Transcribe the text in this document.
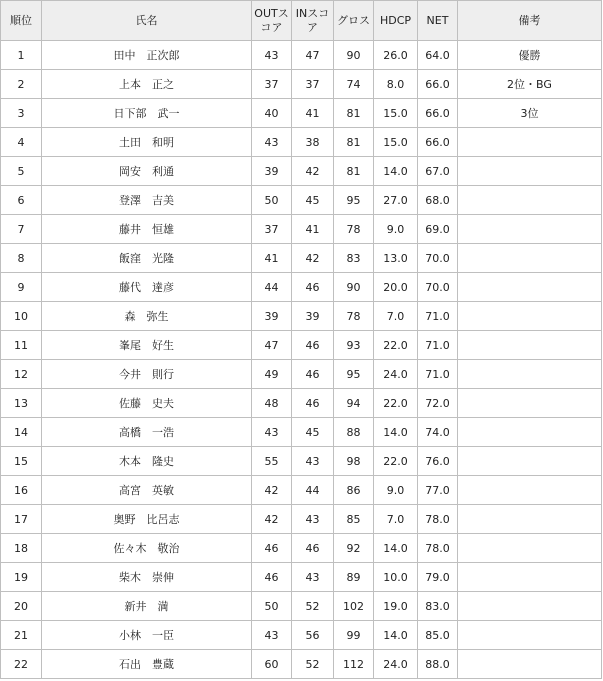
順位	氏名	OUTスコア	INスコア	グロス	HDCP	NET	備考
1	田中　正次郎	43	47	90	26.0	64.0	優勝
2	上本　正之	37	37	74	8.0	66.0	2位・BG
3	日下部　武一	40	41	81	15.0	66.0	3位
4	土田　和明	43	38	81	15.0	66.0	
5	岡安　利通	39	42	81	14.0	67.0	
6	登澤　吉美	50	45	95	27.0	68.0	
7	藤井　恒雄	37	41	78	9.0	69.0	
8	飯窪　光隆	41	42	83	13.0	70.0	
9	藤代　達彦	44	46	90	20.0	70.0	
10	森　弥生	39	39	78	7.0	71.0	
11	峯尾　好生	47	46	93	22.0	71.0	
12	今井　則行	49	46	95	24.0	71.0	
13	佐藤　史夫	48	46	94	22.0	72.0	
14	高橋　一浩	43	45	88	14.0	74.0	
15	木本　隆史	55	43	98	22.0	76.0	
16	高宮　英敏	42	44	86	9.0	77.0	
17	奥野　比呂志	42	43	85	7.0	78.0	
18	佐々木　敬治	46	46	92	14.0	78.0	
19	柴木　崇伸	46	43	89	10.0	79.0	
20	新井　満	50	52	102	19.0	83.0	
21	小林　一臣	43	56	99	14.0	85.0	
22	石出　豊蔵	60	52	112	24.0	88.0	
